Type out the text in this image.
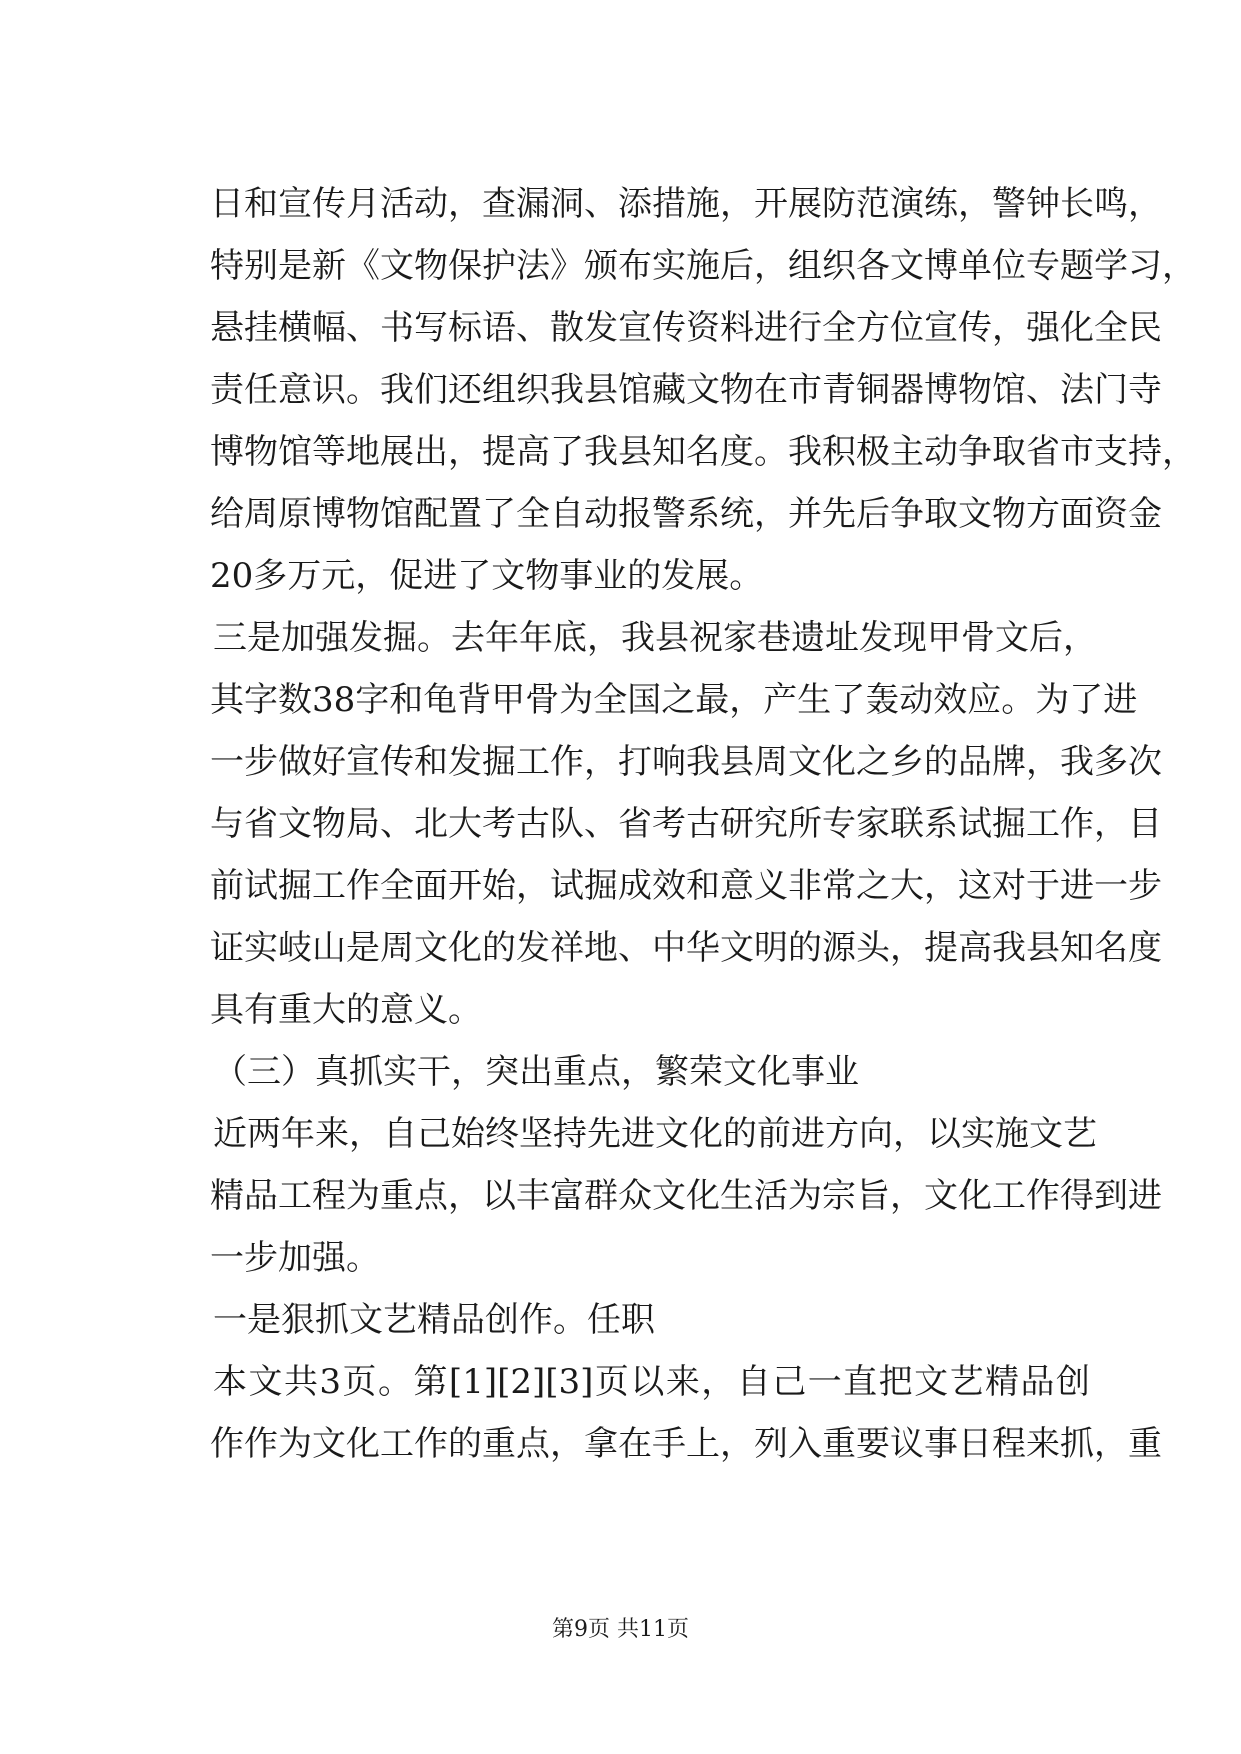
日和宣传月活动，查漏洞、添措施，开展防范演练，警钟长鸣，
特别是新《文物保护法》颁布实施后，组织各文博单位专题学习，
悬挂横幅、书写标语、散发宣传资料进行全方位宣传，强化全民
责任意识。我们还组织我县馆藏文物在市青铜器博物馆、法门寺
博物馆等地展出，提高了我县知名度。我积极主动争取省市支持，
给周原博物馆配置了全自动报警系统，并先后争取文物方面资金
20多万元，促进了文物事业的发展。
三是加强发掘。去年年底，我县祝家巷遗址发现甲骨文后，
其字数38字和龟背甲骨为全国之最，产生了轰动效应。为了进
一步做好宣传和发掘工作，打响我县周文化之乡的品牌，我多次
与省文物局、北大考古队、省考古研究所专家联系试掘工作，目
前试掘工作全面开始，试掘成效和意义非常之大，这对于进一步
证实岐山是周文化的发祥地、中华文明的源头，提高我县知名度
具有重大的意义。
（三）真抓实干，突出重点，繁荣文化事业
近两年来，自己始终坚持先进文化的前进方向，以实施文艺
精品工程为重点，以丰富群众文化生活为宗旨，文化工作得到进
一步加强。
一是狠抓文艺精品创作。任职
本文共3页。第[1][2][3]页以来，自己一直把文艺精品创
作作为文化工作的重点，拿在手上，列入重要议事日程来抓，重
第9页 共11页
